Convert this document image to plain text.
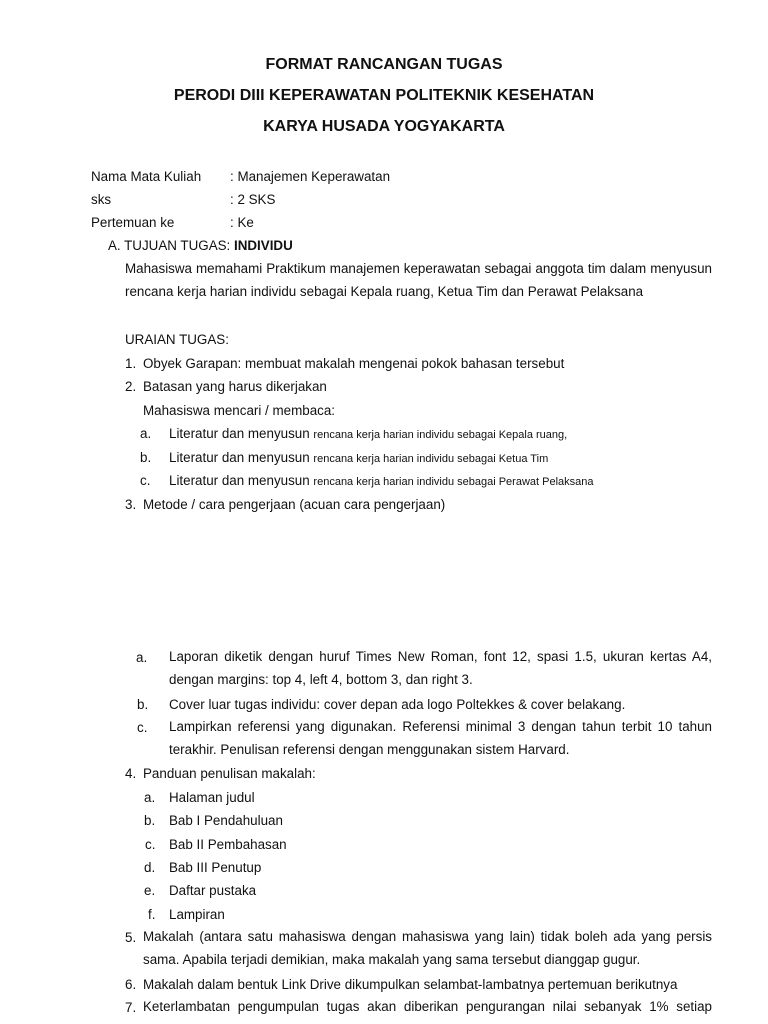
FORMAT RANCANGAN TUGAS
PERODI DIII KEPERAWATAN POLITEKNIK KESEHATAN
KARYA HUSADA YOGYAKARTA
Nama Mata Kuliah : Manajemen Keperawatan
sks	: 2 SKS
Pertemuan ke	: Ke
A. TUJUAN TUGAS: INDIVIDU
Mahasiswa memahami Praktikum manajemen keperawatan sebagai anggota tim dalam menyusun rencana kerja harian individu sebagai Kepala ruang, Ketua Tim dan Perawat Pelaksana
URAIAN TUGAS:
1. Obyek Garapan: membuat makalah mengenai pokok bahasan tersebut
2. Batasan yang harus dikerjakan
Mahasiswa mencari / membaca:
a. Literatur dan menyusun rencana kerja harian individu sebagai Kepala ruang,
b. Literatur dan menyusun rencana kerja harian individu sebagai Ketua Tim
c. Literatur dan menyusun rencana kerja harian individu sebagai Perawat Pelaksana
3. Metode / cara pengerjaan (acuan cara pengerjaan)
a. Laporan diketik dengan huruf Times New Roman, font 12, spasi 1.5, ukuran kertas A4, dengan margins: top 4, left 4, bottom 3, dan right 3.
b. Cover luar tugas individu: cover depan ada logo Poltekkes & cover belakang.
c. Lampirkan referensi yang digunakan. Referensi minimal 3 dengan tahun terbit 10 tahun terakhir. Penulisan referensi dengan menggunakan sistem Harvard.
4. Panduan penulisan makalah:
a. Halaman judul
b. Bab I Pendahuluan
c. Bab II Pembahasan
d. Bab III Penutup
e. Daftar pustaka
f. Lampiran
5. Makalah (antara satu mahasiswa dengan mahasiswa yang lain) tidak boleh ada yang persis sama. Apabila terjadi demikian, maka makalah yang sama tersebut dianggap gugur.
6. Makalah dalam bentuk Link Drive dikumpulkan selambat-lambatnya pertemuan berikutnya
7. Keterlambatan pengumpulan tugas akan diberikan pengurangan nilai sebanyak 1% setiap
